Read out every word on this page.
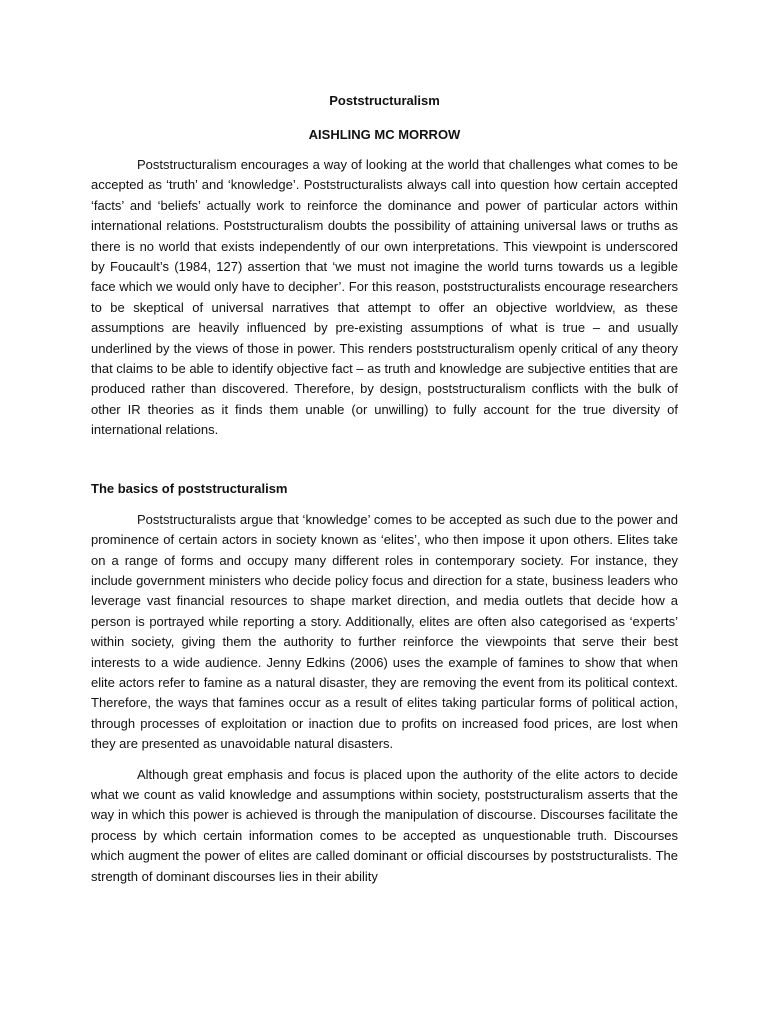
Poststructuralism
AISHLING MC MORROW

Poststructuralism encourages a way of looking at the world that challenges what comes to be accepted as ‘truth’ and ‘knowledge’. Poststructuralists always call into question how certain accepted ‘facts’ and ‘beliefs’ actually work to reinforce the dominance and power of particular actors within international relations. Poststructuralism doubts the possibility of attaining universal laws or truths as there is no world that exists independently of our own interpretations. This viewpoint is underscored by Foucault’s (1984, 127) assertion that ‘we must not imagine the world turns towards us a legible face which we would only have to decipher’. For this reason, poststructuralists encourage researchers to be skeptical of universal narratives that attempt to offer an objective worldview, as these assumptions are heavily influenced by pre-existing assumptions of what is true – and usually underlined by the views of those in power. This renders poststructuralism openly critical of any theory that claims to be able to identify objective fact – as truth and knowledge are subjective entities that are produced rather than discovered. Therefore, by design, poststructuralism conflicts with the bulk of other IR theories as it finds them unable (or unwilling) to fully account for the true diversity of international relations.

The basics of poststructuralism

Poststructuralists argue that ‘knowledge’ comes to be accepted as such due to the power and prominence of certain actors in society known as ‘elites’, who then impose it upon others. Elites take on a range of forms and occupy many different roles in contemporary society. For instance, they include government ministers who decide policy focus and direction for a state, business leaders who leverage vast financial resources to shape market direction, and media outlets that decide how a person is portrayed while reporting a story. Additionally, elites are often also categorised as ‘experts’ within society, giving them the authority to further reinforce the viewpoints that serve their best interests to a wide audience. Jenny Edkins (2006) uses the example of famines to show that when elite actors refer to famine as a natural disaster, they are removing the event from its political context. Therefore, the ways that famines occur as a result of elites taking particular forms of political action, through processes of exploitation or inaction due to profits on increased food prices, are lost when they are presented as unavoidable natural disasters.

Although great emphasis and focus is placed upon the authority of the elite actors to decide what we count as valid knowledge and assumptions within society, poststructuralism asserts that the way in which this power is achieved is through the manipulation of discourse. Discourses facilitate the process by which certain information comes to be accepted as unquestionable truth. Discourses which augment the power of elites are called dominant or official discourses by poststructuralists. The strength of dominant discourses lies in their ability
